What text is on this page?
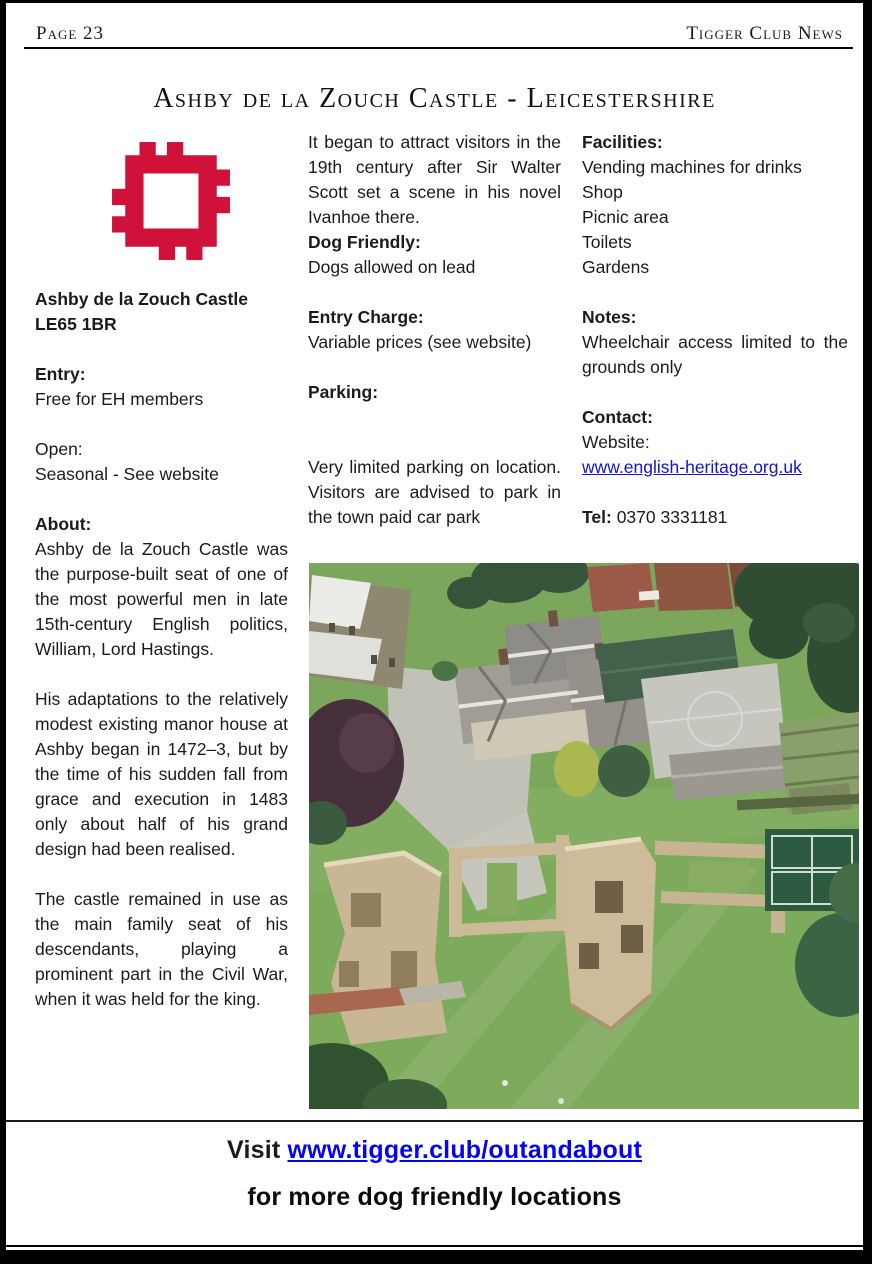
Page 23	Tigger Club News
Ashby de la Zouch Castle - Leicestershire
Ashby de la Zouch Castle
LE65 1BR
Entry:
Free for EH members
Open:
Seasonal - See website
About:
Ashby de la Zouch Castle was the purpose-built seat of one of the most powerful men in late 15th-century English politics, William, Lord Hastings.
His adaptations to the relatively modest existing manor house at Ashby began in 1472–3, but by the time of his sudden fall from grace and execution in 1483 only about half of his grand design had been realised.
The castle remained in use as the main family seat of his descendants, playing a prominent part in the Civil War, when it was held for the king.
It began to attract visitors in the 19th century after Sir Walter Scott set a scene in his novel Ivanhoe there.
Dog Friendly:
Dogs allowed on lead
Entry Charge:
Variable prices (see website)
Parking:
Very limited parking on location. Visitors are advised to park in the town paid car park
Facilities:
Vending machines for drinks
Shop
Picnic area
Toilets
Gardens
Notes:
Wheelchair access limited to the grounds only
Contact:
Website:
www.english-heritage.org.uk
Tel: 0370 3331181
Visit www.tigger.club/outandabout
for more dog friendly locations
